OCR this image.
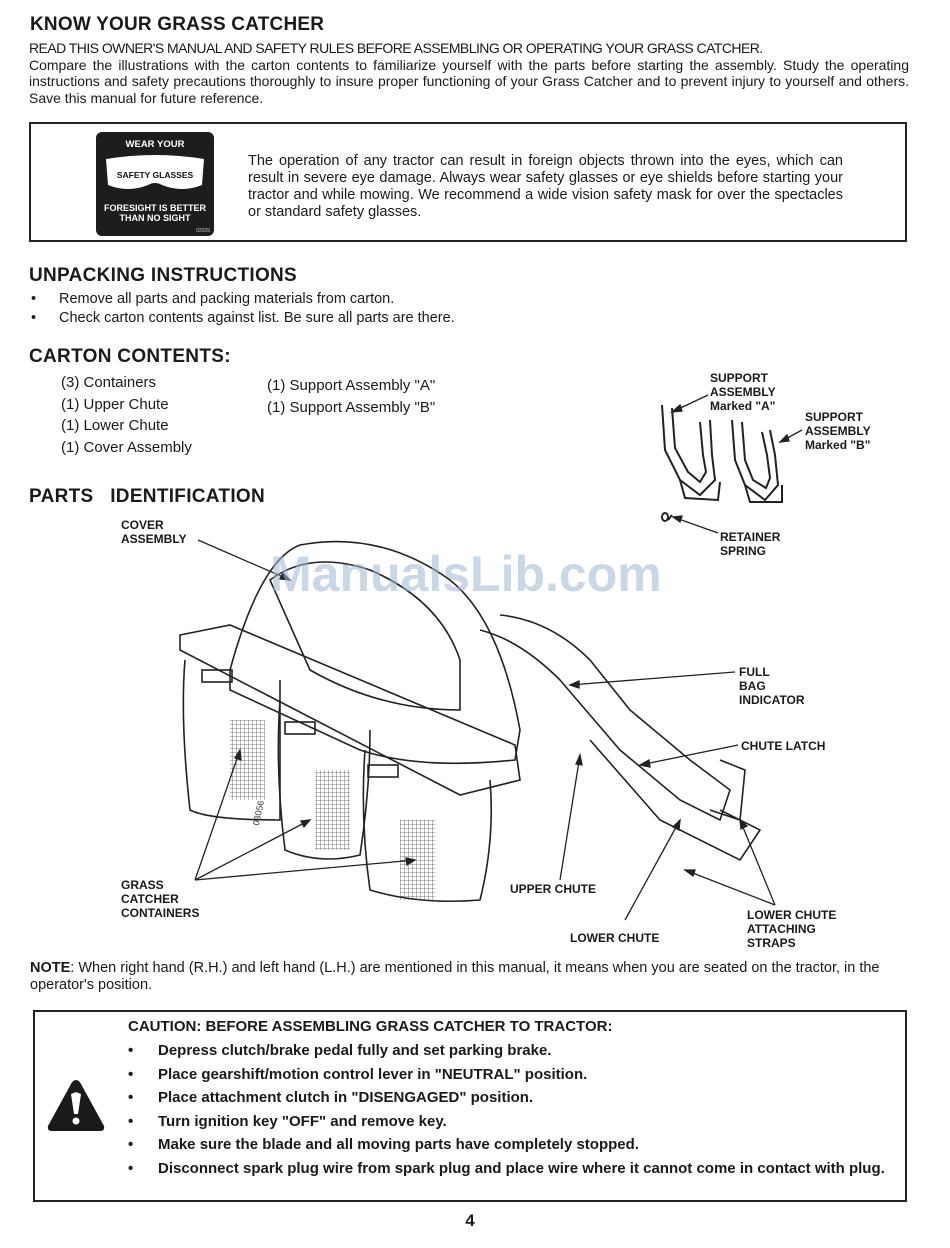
KNOW YOUR GRASS CATCHER
READ THIS OWNER'S MANUAL AND SAFETY RULES BEFORE ASSEMBLING OR OPERATING YOUR GRASS CATCHER.
Compare the illustrations with the carton contents to familiarize yourself with the parts before starting the assembly. Study the operating instructions and safety precautions thoroughly to insure proper functioning of your Grass Catcher and to prevent injury to yourself and others. Save this manual for future reference.
WEAR YOUR
SAFETY GLASSES
FORESIGHT IS BETTER
THAN NO SIGHT
02025
The operation of any tractor can result in foreign objects thrown into the eyes, which can result in severe eye damage. Always wear safety glasses or eye shields before starting your tractor and while mowing. We recommend a wide vision safety mask for over the spectacles or standard safety glasses.
UNPACKING INSTRUCTIONS
• Remove all parts and packing materials from carton.
• Check carton contents against list. Be sure all parts are there.
CARTON CONTENTS:
(3) Containers
(1) Upper Chute
(1) Lower Chute
(1) Cover Assembly
(1) Support Assembly "A"
(1) Support Assembly "B"
SUPPORT
ASSEMBLY
Marked "A"
SUPPORT
ASSEMBLY
Marked "B"
RETAINER
SPRING
PARTS   IDENTIFICATION
03056
ManualsLib.com
COVER
ASSEMBLY
FULL
BAG
INDICATOR
CHUTE LATCH
GRASS
CATCHER
CONTAINERS
UPPER CHUTE
LOWER CHUTE
LOWER CHUTE
ATTACHING
STRAPS
NOTE: When right hand (R.H.) and left hand (L.H.) are mentioned in this manual, it means when you are seated on the tractor, in the operator's position.
CAUTION: BEFORE ASSEMBLING GRASS CATCHER TO TRACTOR:
• Depress clutch/brake pedal fully and set parking brake.
• Place gearshift/motion control lever in "NEUTRAL" position.
• Place attachment clutch in "DISENGAGED" position.
• Turn ignition key "OFF" and remove key.
• Make sure the blade and all moving parts have completely stopped.
• Disconnect spark plug wire from spark plug and place wire where it cannot come in contact with plug.
4
